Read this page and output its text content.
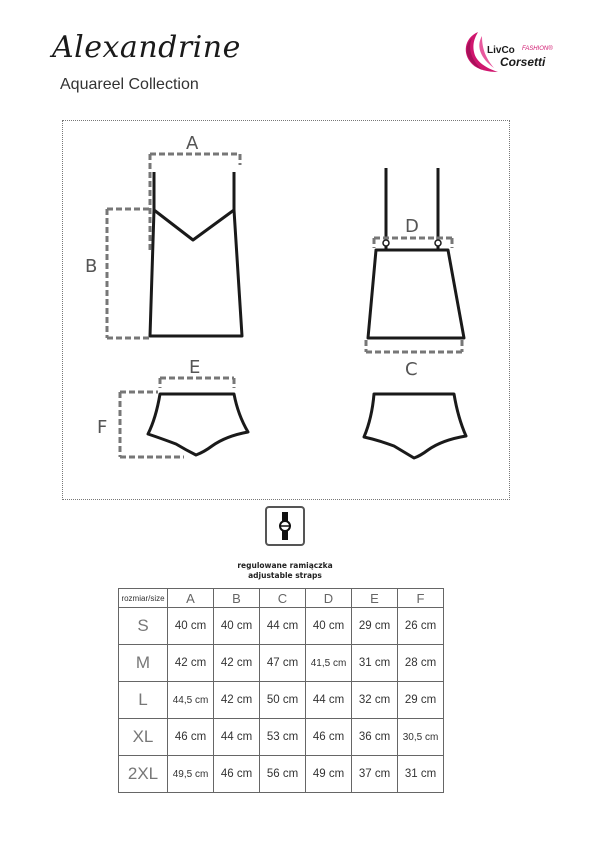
Alexandrine
Aquareel Collection
LivCo FASHION®
Corsetti
A
B
D
C
E
F
regulowane ramiączka
adjustable straps
rozmiar/size	A	B	C	D	E	F
S	40 cm	40 cm	44 cm	40 cm	29 cm	26 cm
M	42 cm	42 cm	47 cm	41,5 cm	31 cm	28 cm
L	44,5 cm	42 cm	50 cm	44 cm	32 cm	29 cm
XL	46 cm	44 cm	53 cm	46 cm	36 cm	30,5 cm
2XL	49,5 cm	46 cm	56 cm	49 cm	37 cm	31 cm
